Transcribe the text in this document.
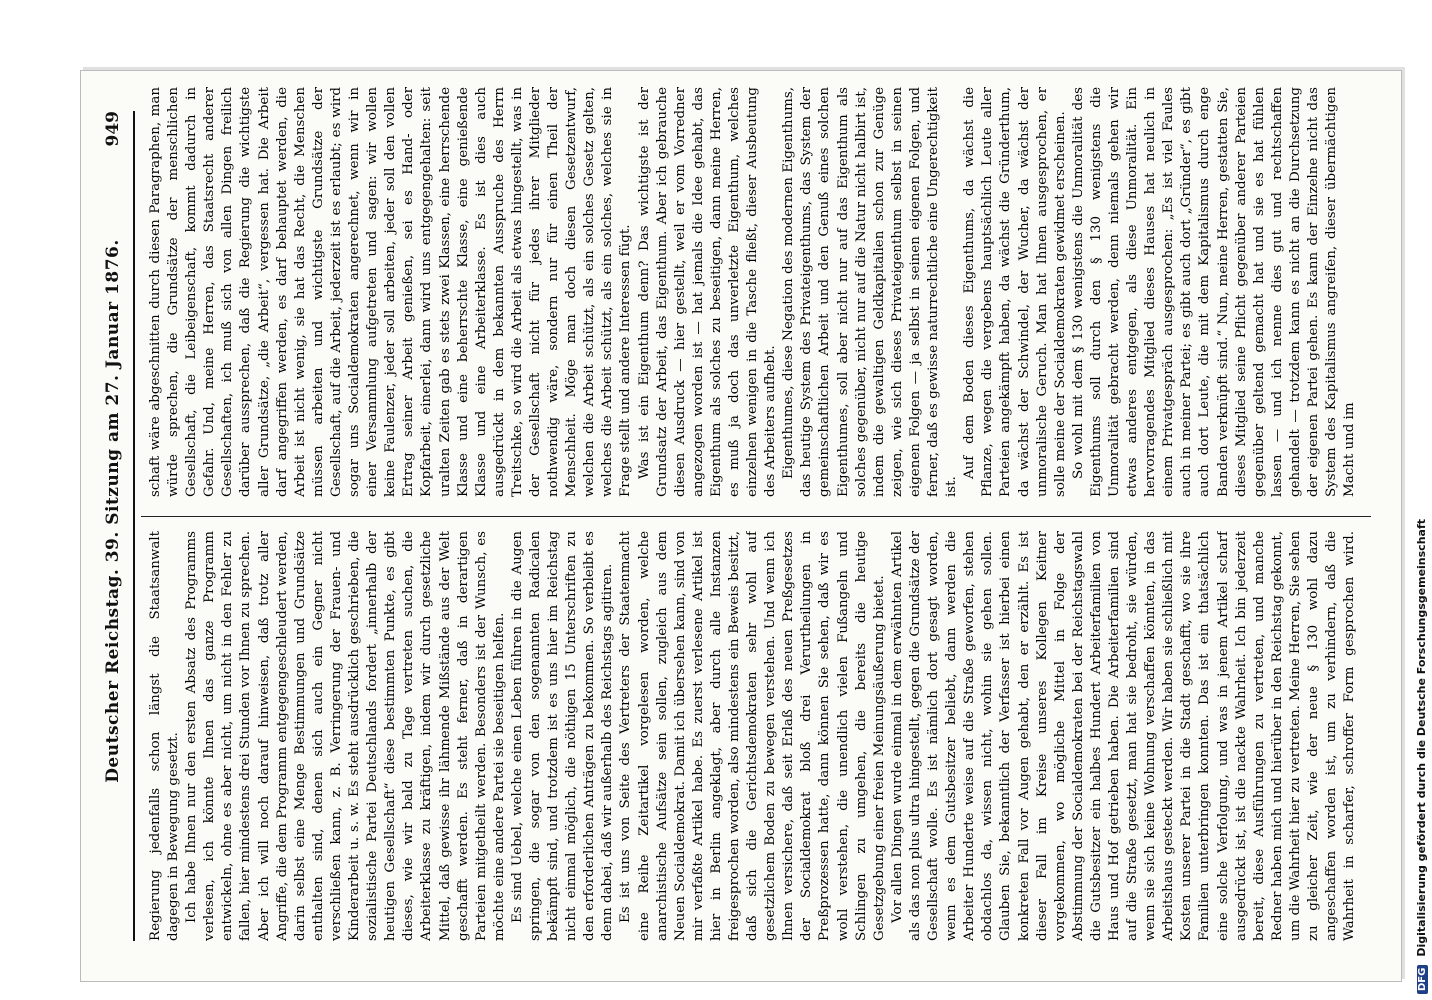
Deutscher Reichstag. 39. Sitzung am 27. Januar 1876.
949

Regierung jedenfalls schon längst die Staatsanwalt dagegen in Bewegung gesetzt. Ich habe Ihnen nur den ersten Absatz des Programms verlesen, ich könnte Ihnen das ganze Programm entwickeln, ohne es aber nicht, um nicht in den Fehler zu fallen, hier mindestens drei Stunden vor Ihnen zu sprechen. Aber ich will noch darauf hinweisen, daß trotz aller Angriffe, die dem Programm entgegengeschleudert werden, darin selbst eine Menge Bestimmungen und Grundsätze enthalten sind, denen sich auch ein Gegner nicht verschließen kann, z. B. Verringerung der Frauen- und Kinderarbeit u. s. w. Es steht ausdrücklich geschrieben, die sozialistische Partei Deutschlands fordert „innerhalb der heutigen Gesellschaft“ diese bestimmten Punkte, es gibt dieses, wie wir bald zu Tage vertreten suchen, die Arbeiterklasse zu kräftigen, indem wir durch gesetzliche Mittel, daß gewisse ihr lähmende Mißstände aus der Welt geschafft werden. Es steht ferner, daß in derartigen Parteien mitgetheilt werden. Besonders ist der Wunsch, es möchte eine andere Partei sie beseitigen helfen. Es sind Uebel, welche einen Leben führen in die Augen springen, die sogar von den sogenannten Radicalen bekämpft sind, und trotzdem ist es uns hier im Reichstag nicht einmal möglich, die nöthigen 15 Unterschriften zu den erforderlichen Anträgen zu bekommen. So verbleibt es denn dabei, daß wir außerhalb des Reichstags agitiren. Es ist uns von Seite des Vertreters der Staatenmacht eine Reihe Zeitartikel vorgelesen worden, welche anarchistische Aufsätze sein sollen, zugleich aus dem Neuen Socialdemokrat. Damit ich übersehen kann, sind von mir verfaßte Artikel habe. Es zuerst verlesene Artikel ist hier in Berlin angeklagt, aber durch alle Instanzen freigesprochen worden, also mindestens ein Beweis besitzt, daß sich die Gerichtsdemokraten sehr wohl auf gesetzlichem Boden zu bewegen verstehen. Und wenn ich Ihnen versichere, daß seit Erlaß des neuen Preßgesetzes der Socialdemokrat bloß drei Verurtheilungen in Preßprozessen hatte, dann können Sie sehen, daß wir es wohl verstehen, die unendlich vielen Fußangeln und Schlingen zu umgehen, die bereits die heutige Gesetzgebung einer freien Meinungsäußerung bietet. Vor allen Dingen wurde einmal in dem erwähnten Artikel als das non plus ultra hingestellt, gegen die Grundsätze der Gesellschaft wolle. Es ist nämlich dort gesagt worden, wenn es dem Gutsbesitzer beliebt, dann werden die Arbeiter Hunderte weise auf die Straße geworfen, stehen obdachlos da, wissen nicht, wohin sie gehen sollen. Glauben Sie, bekanntlich der Verfasser ist hierbei einen konkreten Fall vor Augen gehabt, den er erzählt. Es ist dieser Fall im Kreise unseres Kollegen Keitner vorgekommen, wo mögliche Mittel in Folge der Abstimmung der Socialdemokraten bei der Reichstagswahl die Gutsbesitzer ein halbes Hundert Arbeiterfamilien von Haus und Hof getrieben haben. Die Arbeiterfamilien sind auf die Straße gesetzt, man hat sie bedroht, sie würden, wenn sie sich keine Wohnung verschaffen könnten, in das Arbeitshaus gesteckt werden. Wir haben sie schließlich mit Kosten unserer Partei in die Stadt geschafft, wo sie ihre Familien unterbringen konnten. Das ist ein thatsächlich eine solche Verfolgung, und was in jenem Artikel scharf ausgedrückt ist, ist die nackte Wahrheit. Ich bin jederzeit bereit, diese Ausführungen zu vertreten, und manche Redner haben mich und hierüber in den Reichstag gekonnt, um die Wahrheit hier zu vertreten. Meine Herren, Sie sehen zu gleicher Zeit, wie der neue § 130 wohl dazu angeschaffen worden ist, um zu verhindern, daß die Wahrheit in scharfer, schroffer Form gesprochen wird.

schaft wäre abgeschnitten durch diesen Paragraphen, man würde sprechen, die Grundsätze der menschlichen Gesellschaft, die Leibeigenschaft, kommt dadurch in Gefahr. Und, meine Herren, das Staatsrecht anderer Gesellschaften, ich muß sich von allen Dingen freilich darüber aussprechen, daß die Regierung die wichtigste aller Grundsätze, „die Arbeit“, vergessen hat. Die Arbeit darf angegriffen werden, es darf behauptet werden, die Arbeit ist nicht wenig, sie hat das Recht, die Menschen müssen arbeiten und wichtigste Grundsätze der Gesellschaft, auf die Arbeit, jederzeit ist es erlaubt; es wird sogar uns Socialdemokraten angerechnet, wenn wir in einer Versammlung aufgetreten und sagen: wir wollen keine Faulenzer, jeder soll arbeiten, jeder soll den vollen Ertrag seiner Arbeit genießen, sei es Hand- oder Kopfarbeit, einerlei, dann wird uns entgegengehalten: seit uralten Zeiten gab es stets zwei Klassen, eine herrschende Klasse und eine beherrschte Klasse, eine genießende Klasse und eine Arbeiterklasse. Es ist dies auch ausgedrückt in dem bekannten Ausspruche des Herrn Treitschke, so wird die Arbeit als etwas hingestellt, was in der Gesellschaft nicht für jedes ihrer Mitglieder nothwendig wäre, sondern nur für einen Theil der Menschheit. Möge man doch diesen Gesetzentwurf, welchen die Arbeit schützt, als ein solches Gesetz gelten, welches die Arbeit schützt, als ein solches, welches sie in Frage stellt und andere Interessen fügt. Was ist ein Eigenthum denn? Das wichtigste ist der Grundsatz der Arbeit, das Eigenthum. Aber ich gebrauche diesen Ausdruck — hier gestellt, weil er vom Vorredner angezogen worden ist — hat jemals die Idee gehabt, das Eigenthum als solches zu beseitigen, dann meine Herren, es muß ja doch das unverletzte Eigenthum, welches einzelnen wenigen in die Tasche fließt, dieser Ausbeutung des Arbeiters aufhebt. Eigenthumes, diese Negation des modernen Eigenthums, das heutige System des Privateigenthums, das System der gemeinschaftlichen Arbeit und den Genuß eines solchen Eigenthumes, soll aber nicht nur auf das Eigenthum als solches gegenüber, nicht nur auf die Natur nicht halbirt ist, indem die gewaltigen Geldkapitalien schon zur Genüge zeigen, wie sich dieses Privateigenthum selbst in seinen eigenen Folgen — ja selbst in seinen eigenen Folgen, und ferner, daß es gewisse naturrechtliche eine Ungerechtigkeit ist.

Auf dem Boden dieses Eigenthums, da wächst die Pflanze, wegen die vergebens hauptsächlich Leute aller Parteien angekämpft haben, da wächst die Gründerthum, da wächst der Schwindel, der Wucher, da wächst der unmoralische Geruch. Man hat Ihnen ausgesprochen, er solle meine der Socialdemokraten gewidmet erscheinen. So wohl mit dem § 130 wenigstens die Unmoralität des Eigenthums soll durch den § 130 wenigstens die Unmoralität gebracht werden, denn niemals gehen wir etwas anderes entgegen, als diese Unmoralität. Ein hervorragendes Mitglied dieses Hauses hat neulich in einem Privatgespräch ausgesprochen: „Es ist viel Faules auch in meiner Partei; es gibt auch dort „Gründer“, es gibt auch dort Leute, die mit dem Kapitalismus durch enge Banden verknüpft sind.“ Nun, meine Herren, gestatten Sie, dieses Mitglied seine Pflicht gegenüber anderer Parteien gegenüber geltend gemacht hat und sie es hat fühlen lassen — und ich nenne dies gut und rechtschaffen gehandelt — trotzdem kann es nicht an die Durchsetzung der eigenen Partei gehen. Es kann der Einzelne nicht das System des Kapitalismus angreifen, dieser übermächtigen Macht und im

DFGDigitalisierung gefördert durch die Deutsche Forschungsgemeinschaft
